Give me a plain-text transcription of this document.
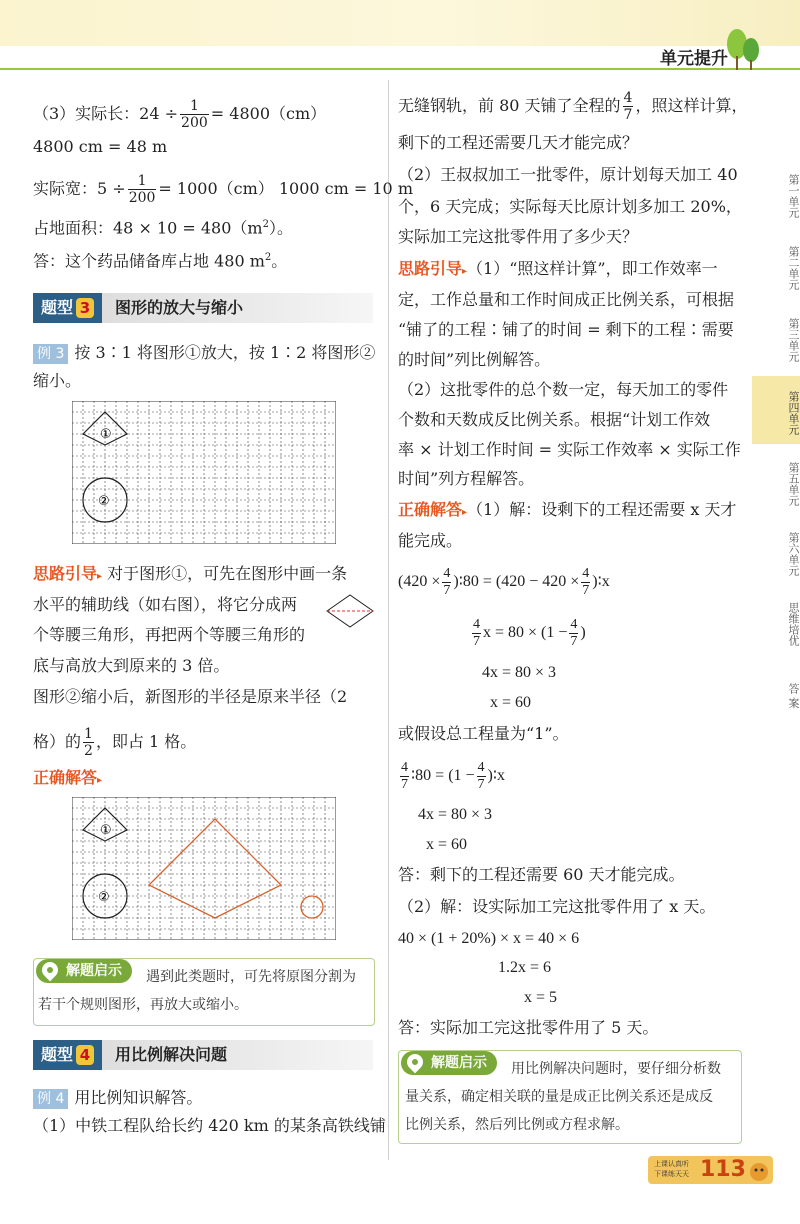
单元提升
（3）实际长：$24 \div \frac{1}{200} = 4800(cm)$
4800 cm = 48 m
实际宽：$5 \div \frac{1}{200} = 1000(cm)$ 1000 cm = 10 m
占地面积：$48 \times 10 = 480(m^2)$。
答：这个药品储备库占地 480 $m^2$。
题型 3	图形的放大与缩小
例 3 按 3∶1 将图形①放大，按 1∶2 将图形②
缩小。
①
②
思路引导▸ 对于图形①，可先在图形中画一条
水平的辅助线（如右图），将它分成两
个等腰三角形，再把两个等腰三角形的
底与高放大到原来的 3 倍。
图形②缩小后，新图形的半径是原来半径（2
格）的 $\frac{1}{2}$ ，即占 1 格。
正确解答▸
①
②
解题启示	遇到此类题时，可先将原图分割为
若干个规则图形，再放大或缩小。
题型 4	用比例解决问题
例 4 用比例知识解答。
（1）中铁工程队给长约 420 km 的某条高铁线铺
无缝钢轨，前 80 天铺了全程的 $\frac{4}{7}$ ，照这样计算，
剩下的工程还需要几天才能完成？
（2）王叔叔加工一批零件，原计划每天加工 40
个，6 天完成；实际每天比原计划多加工 20%，
实际加工完这批零件用了多少天？
思路引导▸（1）“照这样计算”，即工作效率一
定，工作总量和工作时间成正比例关系，可根据
“铺了的工程∶铺了的时间 = 剩下的工程∶需要
的时间”列比例解答。
（2）这批零件的总个数一定，每天加工的零件
个数和天数成反比例关系。根据“计划工作效
率 × 计划工作时间 = 实际工作效率 × 实际工作
时间”列方程解答。
正确解答▸（1）解：设剩下的工程还需要 x 天才
能完成。
($420 \times \frac{4}{7}$ )∶80 = ($420 - 420 \times \frac{4}{7}$ )∶x
$\frac{4}{7}$ $x = 80 \times (1 - \frac{4}{7}$ )
4x = 80 × 3
x = 60
或假设总工程量为“1”。
$\frac{4}{7}$ ∶80 = ($1 - \frac{4}{7}$ )∶x
4x = 80 × 3
x = 60
答：剩下的工程还需要 60 天才能完成。
（2）解：设实际加工完这批零件用了 x 天。
40 × (1 + 20%) × x = 40 × 6
1.2x = 6
x = 5
答：实际加工完这批零件用了 5 天。
解题启示	用比例解决问题时，要仔细分析数
量关系，确定相关联的量是成正比例关系还是成反
比例关系，然后列比例或方程求解。
第一单元
第二单元
第三单元
第四单元
第五单元
第六单元
思维培优
答 案
上课认真听
下课练天天 113
